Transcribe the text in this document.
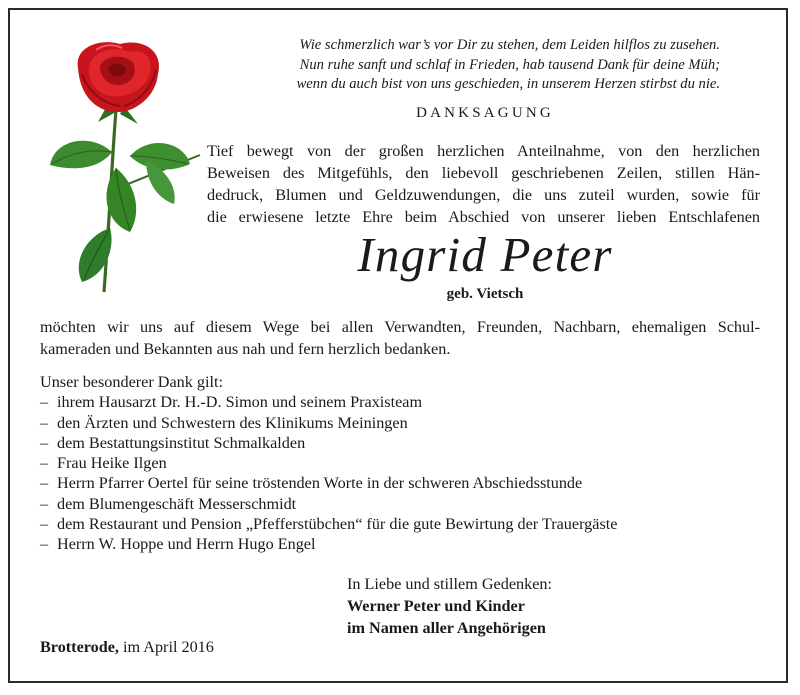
Wie schmerzlich war’s vor Dir zu stehen, dem Leiden hilflos zu zusehen.
Nun ruhe sanft und schlaf in Frieden, hab tausend Dank für deine Müh;
wenn du auch bist von uns geschieden, in unserem Herzen stirbst du nie.
DANKSAGUNG
Tief bewegt von der großen herzlichen Anteilnahme, von den herzlichen
Beweisen des Mitgefühls, den liebevoll geschriebenen Zeilen, stillen Hän-
dedruck, Blumen und Geldzuwendungen, die uns zuteil wurden, sowie für
die erwiesene letzte Ehre beim Abschied von unserer lieben Entschlafenen
Ingrid Peter
geb. Vietsch
möchten wir uns auf diesem Wege bei allen Verwandten, Freunden, Nachbarn, ehemaligen Schul-
kameraden und Bekannten aus nah und fern herzlich bedanken.
Unser besonderer Dank gilt:
– ihrem Hausarzt Dr. H.-D. Simon und seinem Praxisteam
– den Ärzten und Schwestern des Klinikums Meiningen
– dem Bestattungsinstitut Schmalkalden
– Frau Heike Ilgen
– Herrn Pfarrer Oertel für seine tröstenden Worte in der schweren Abschiedsstunde
– dem Blumengeschäft Messerschmidt
– dem Restaurant und Pension „Pfefferstübchen“ für die gute Bewirtung der Trauergäste
– Herrn W. Hoppe und Herrn Hugo Engel
In Liebe und stillem Gedenken:
Werner Peter und Kinder
im Namen aller Angehörigen
Brotterode, im April 2016
